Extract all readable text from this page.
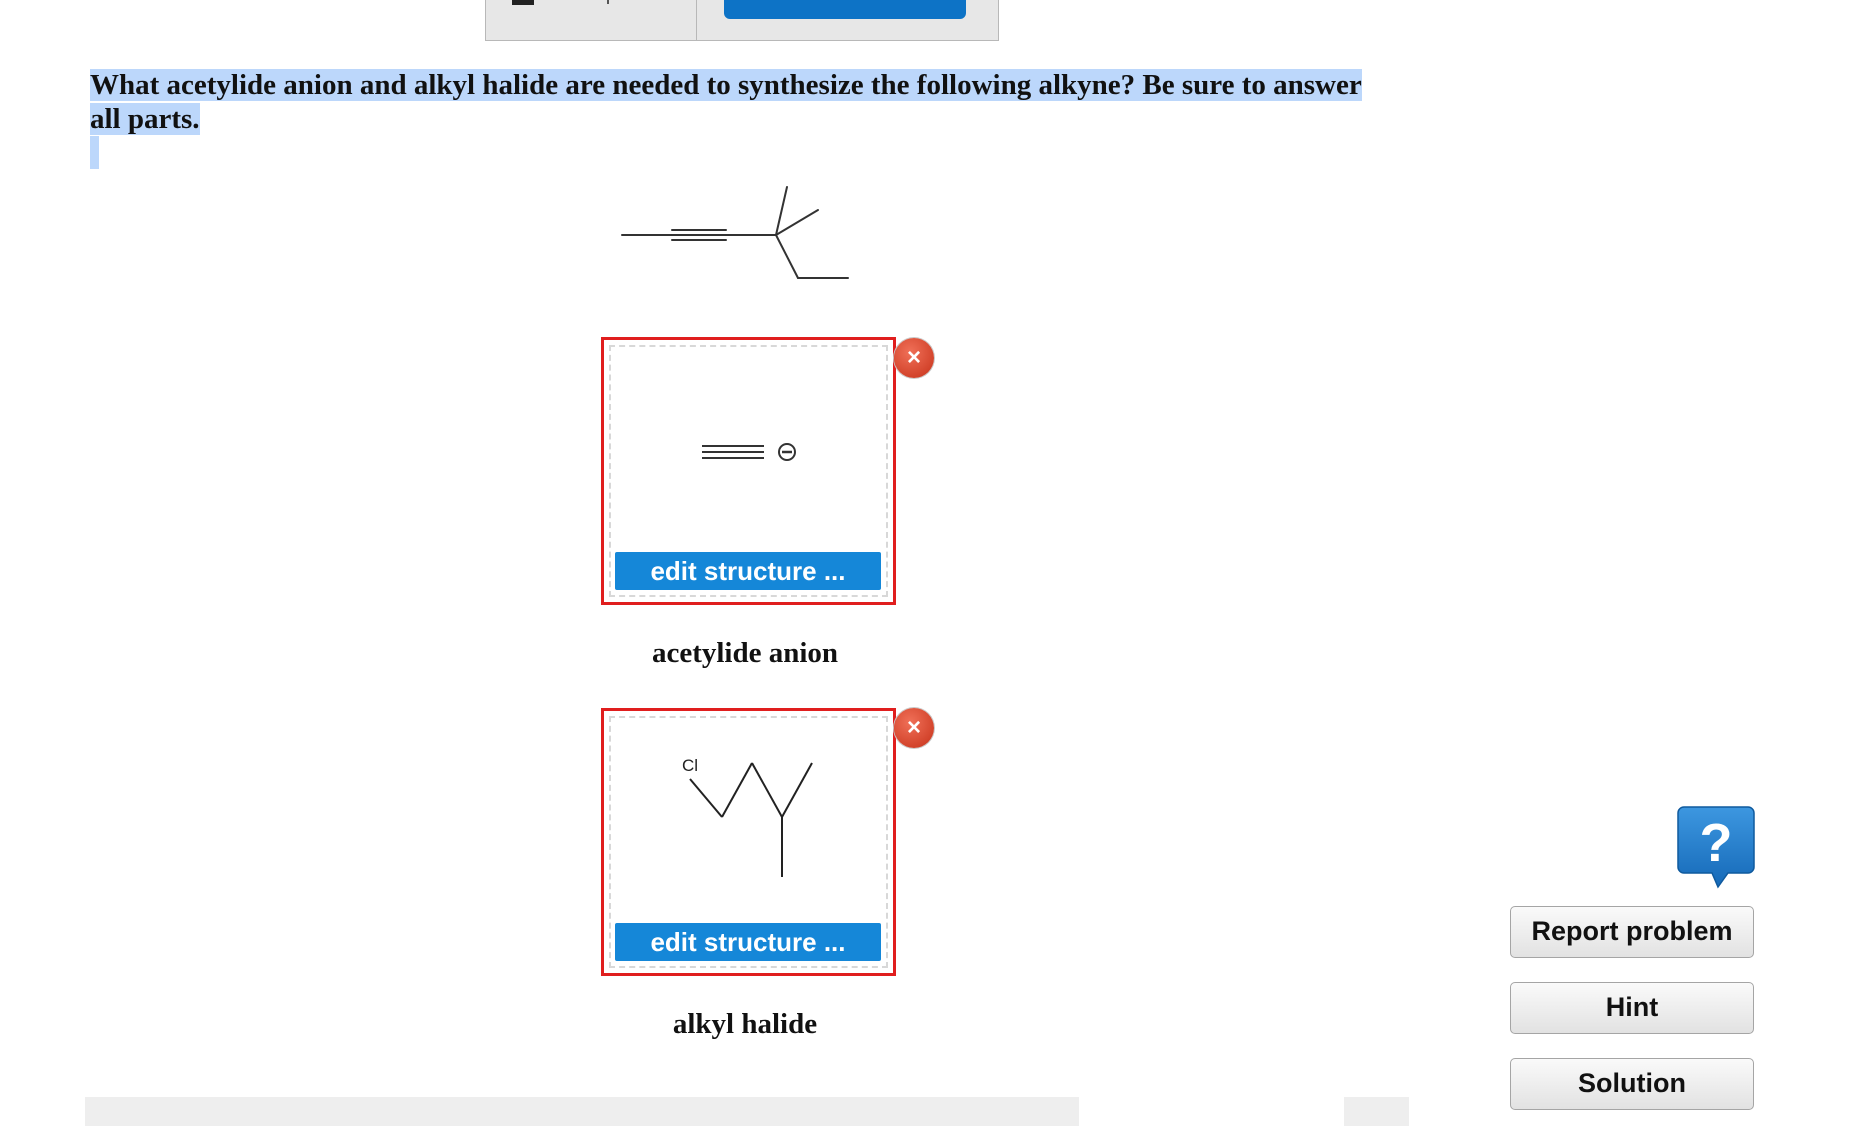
What acetylide anion and alkyl halide are needed to synthesize the following alkyne? Be sure to answer all parts.
edit structure ...
×
acetylide anion
Cl
edit structure ...
×
alkyl halide
?
Report problem
Hint
Solution
